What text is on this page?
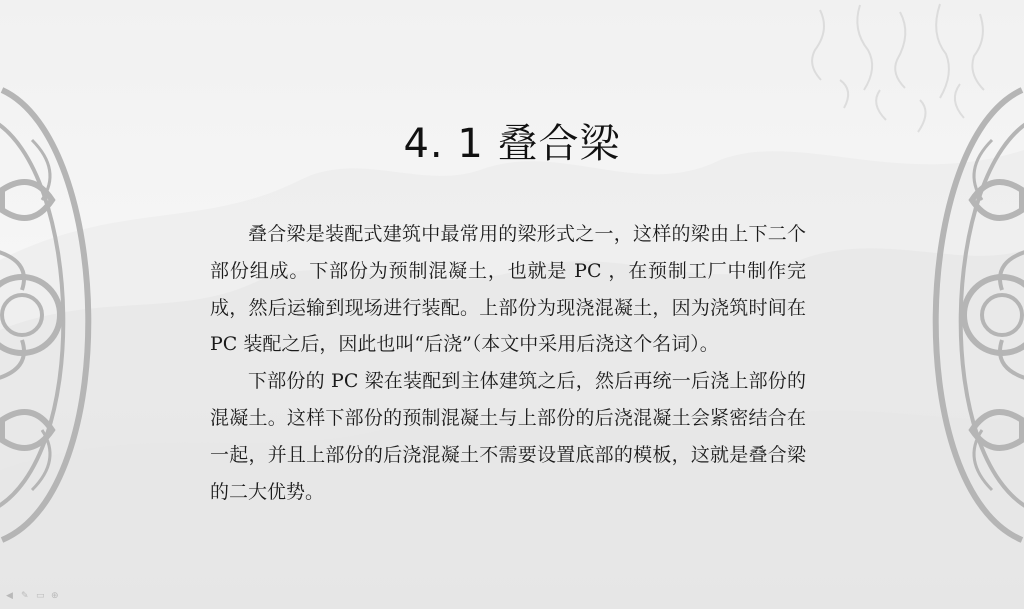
4. 1 叠合梁

叠合梁是装配式建筑中最常用的梁形式之一，这样的梁由上下二个部份组成。下部份为预制混凝土，也就是 PC ，在预制工厂中制作完成，然后运输到现场进行装配。上部份为现浇混凝土，因为浇筑时间在 PC 装配之后，因此也叫“后浇”（本文中采用后浇这个名词）。

下部份的 PC 梁在装配到主体建筑之后，然后再统一后浇上部份的混凝土。这样下部份的预制混凝土与上部份的后浇混凝土会紧密结合在一起，并且上部份的后浇混凝土不需要设置底部的模板，这就是叠合梁的二大优势。

◀ ✎ ▭ ⊕
